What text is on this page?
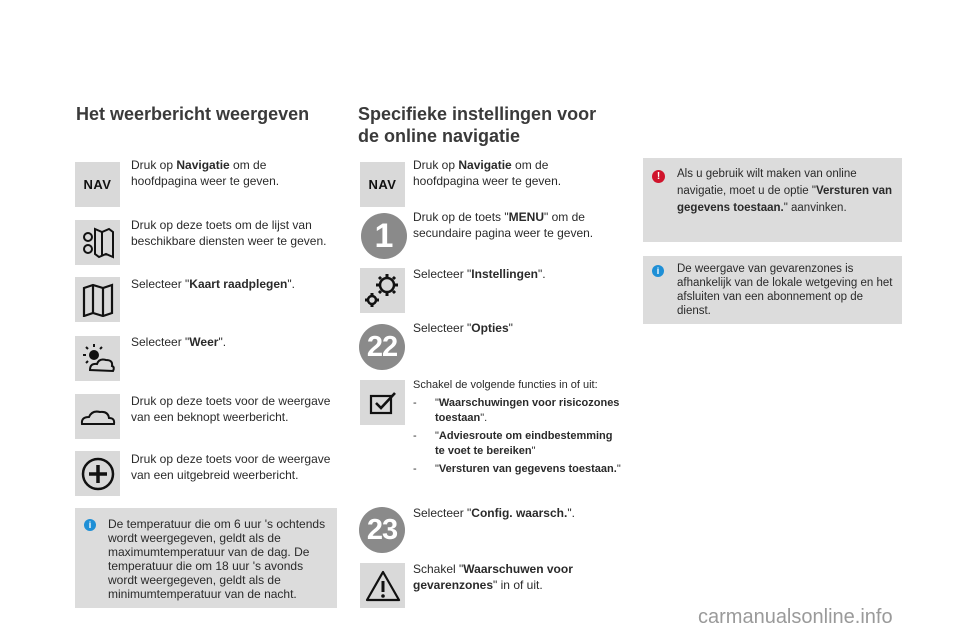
Het weerbericht weergeven
NAV
Druk op Navigatie om de hoofdpagina weer te geven.
Druk op deze toets om de lijst van beschikbare diensten weer te geven.
Selecteer "Kaart raadplegen".
Selecteer "Weer".
Druk op deze toets voor de weergave van een beknopt weerbericht.
Druk op deze toets voor de weergave van een uitgebreid weerbericht.
i	De temperatuur die om 6 uur 's ochtends wordt weergegeven, geldt als de maximumtemperatuur van de dag. De temperatuur die om 18 uur 's avonds wordt weergegeven, geldt als de minimumtemperatuur van de nacht.
Specifieke instellingen voor
de online navigatie
NAV
Druk op Navigatie om de hoofdpagina weer te geven.
1	Druk op de toets "MENU" om de secundaire pagina weer te geven.
Selecteer "Instellingen".
22
Selecteer "Opties"
Schakel de volgende functies in of uit:
-	"Waarschuwingen voor risicozones toestaan".
-	"Adviesroute om eindbestemming te voet te bereiken"
-	"Versturen van gegevens toestaan."
23
Selecteer "Config. waarsch.".
Schakel "Waarschuwen voor gevarenzones" in of uit.
!	Als u gebruik wilt maken van online navigatie, moet u de optie "Versturen van gegevens toestaan." aanvinken.
i	De weergave van gevarenzones is afhankelijk van de lokale wetgeving en het afsluiten van een abonnement op de dienst.
carmanualsonline.info
